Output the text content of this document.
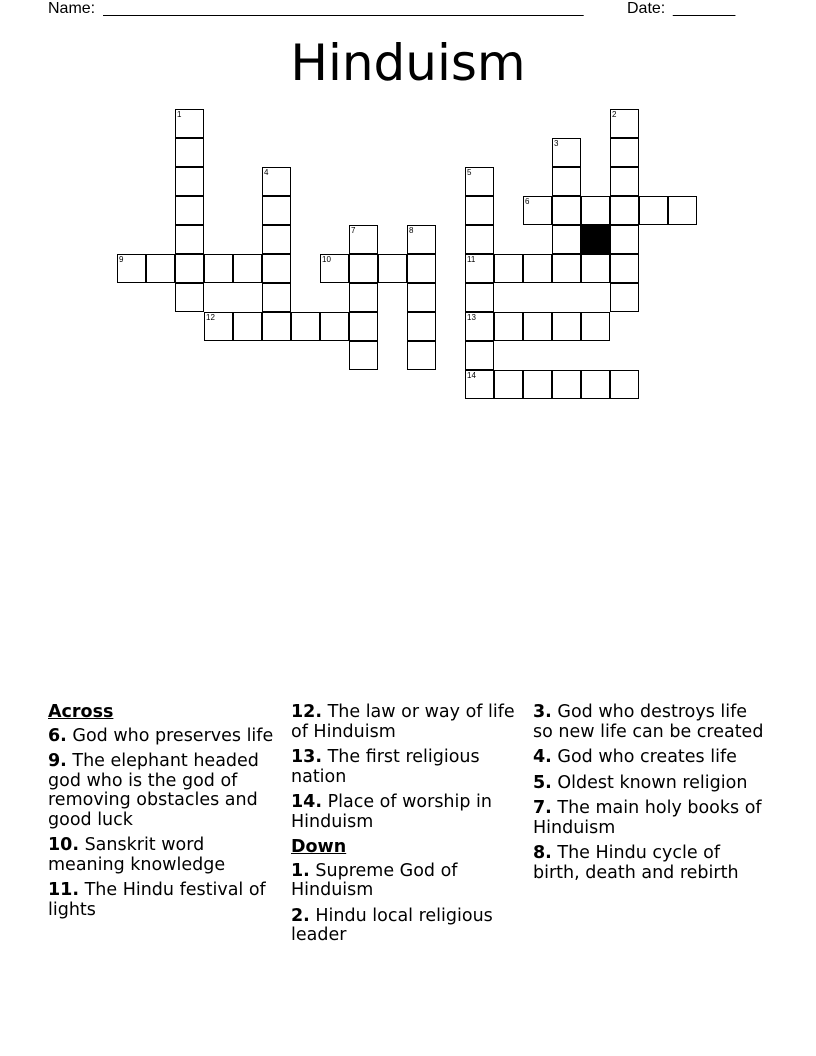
Name: ______________________________________________________	Date: _______
Hinduism
1	2
3
4	5
11
13
14
7	8
6
9	10
12
Across
6. God who preserves life
9. The elephant headed god who is the god of removing obstacles and good luck
10. Sanskrit word meaning knowledge
11. The Hindu festival of lights
12. The law or way of life of Hinduism
13. The first religious nation
14. Place of worship in Hinduism
Down
1. Supreme God of Hinduism
2. Hindu local religious leader
3. God who destroys life so new life can be created
4. God who creates life
5. Oldest known religion
7. The main holy books of Hinduism
8. The Hindu cycle of birth, death and rebirth
